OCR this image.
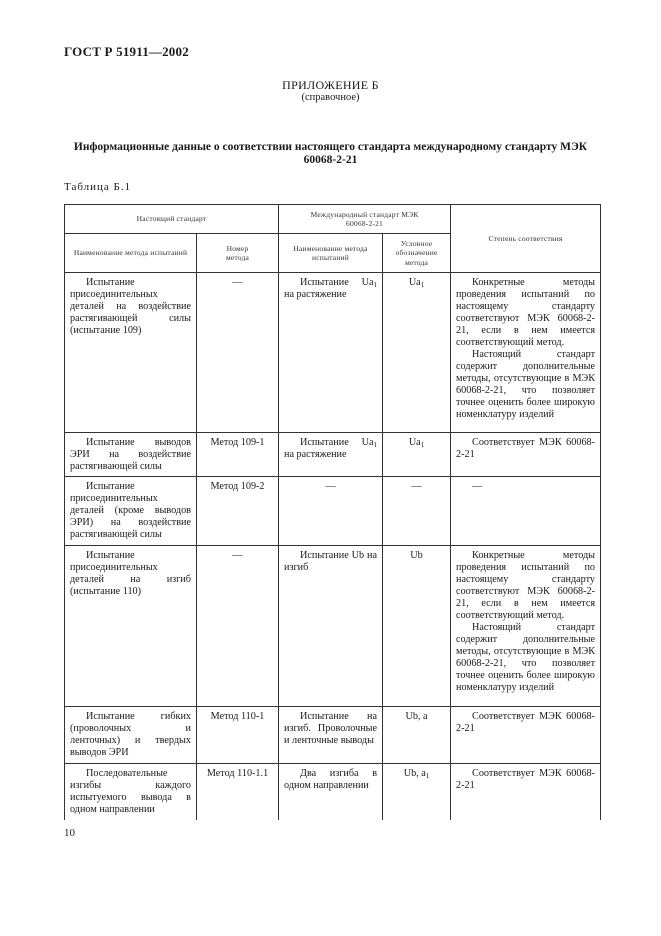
ГОСТ Р 51911—2002
ПРИЛОЖЕНИЕ Б
(справочное)
Информационные данные о соответствии настоящего стандарта международному стандарту МЭК 60068-2-21
Таблица Б.1
Настоящий стандарт		Международный стандарт МЭК 60068-2-21		Степень соответствия

Наименование метода испытаний	Номер метода	Наименование метода испытаний	Условное обозначение метода	

Испытание присоединительных деталей на воздействие растягивающей силы (испытание 109)	—	Испытание $Ua_1$ на растяжение	$Ua_1$	Конкретные методы проведения испытаний по настоящему стандарту соответствуют МЭК 60068-2-21, если в нем имеется соответствующий метод.
Настоящий стандарт содержит дополнительные методы, отсутствующие в МЭК 60068-2-21, что позволяет точнее оценить более широкую номенклатуру изделий

Испытание выводов ЭРИ на воздействие растягивающей силы	Метод 109-1	Испытание $Ua_1$ на растяжение	$Ua_1$	Соответствует МЭК 60068-2-21

Испытание присоединительных деталей (кроме выводов ЭРИ) на воздействие растягивающей силы	Метод 109-2	—	—	—

Испытание присоединительных деталей на изгиб (испытание 110)	—	Испытание Ub на изгиб	Ub	Конкретные методы проведения испытаний по настоящему стандарту соответствуют МЭК 60068-2-21, если в нем имеется соответствующий метод.
Настоящий стандарт содержит дополнительные методы, отсутствующие в МЭК 60068-2-21, что позволяет точнее оценить более широкую номенклатуру изделий

Испытание гибких (проволочных и ленточных) и твердых выводов ЭРИ	Метод 110-1	Испытание на изгиб. Проволочные и ленточные выводы	Ub, a	Соответствует МЭК 60068-2-21

Последовательные изгибы каждого испытуемого вывода в одном направлении	Метод 110-1.1	Два изгиба в одном направлении	Ub, $a_1$	Соответствует МЭК 60068-2-21
10
